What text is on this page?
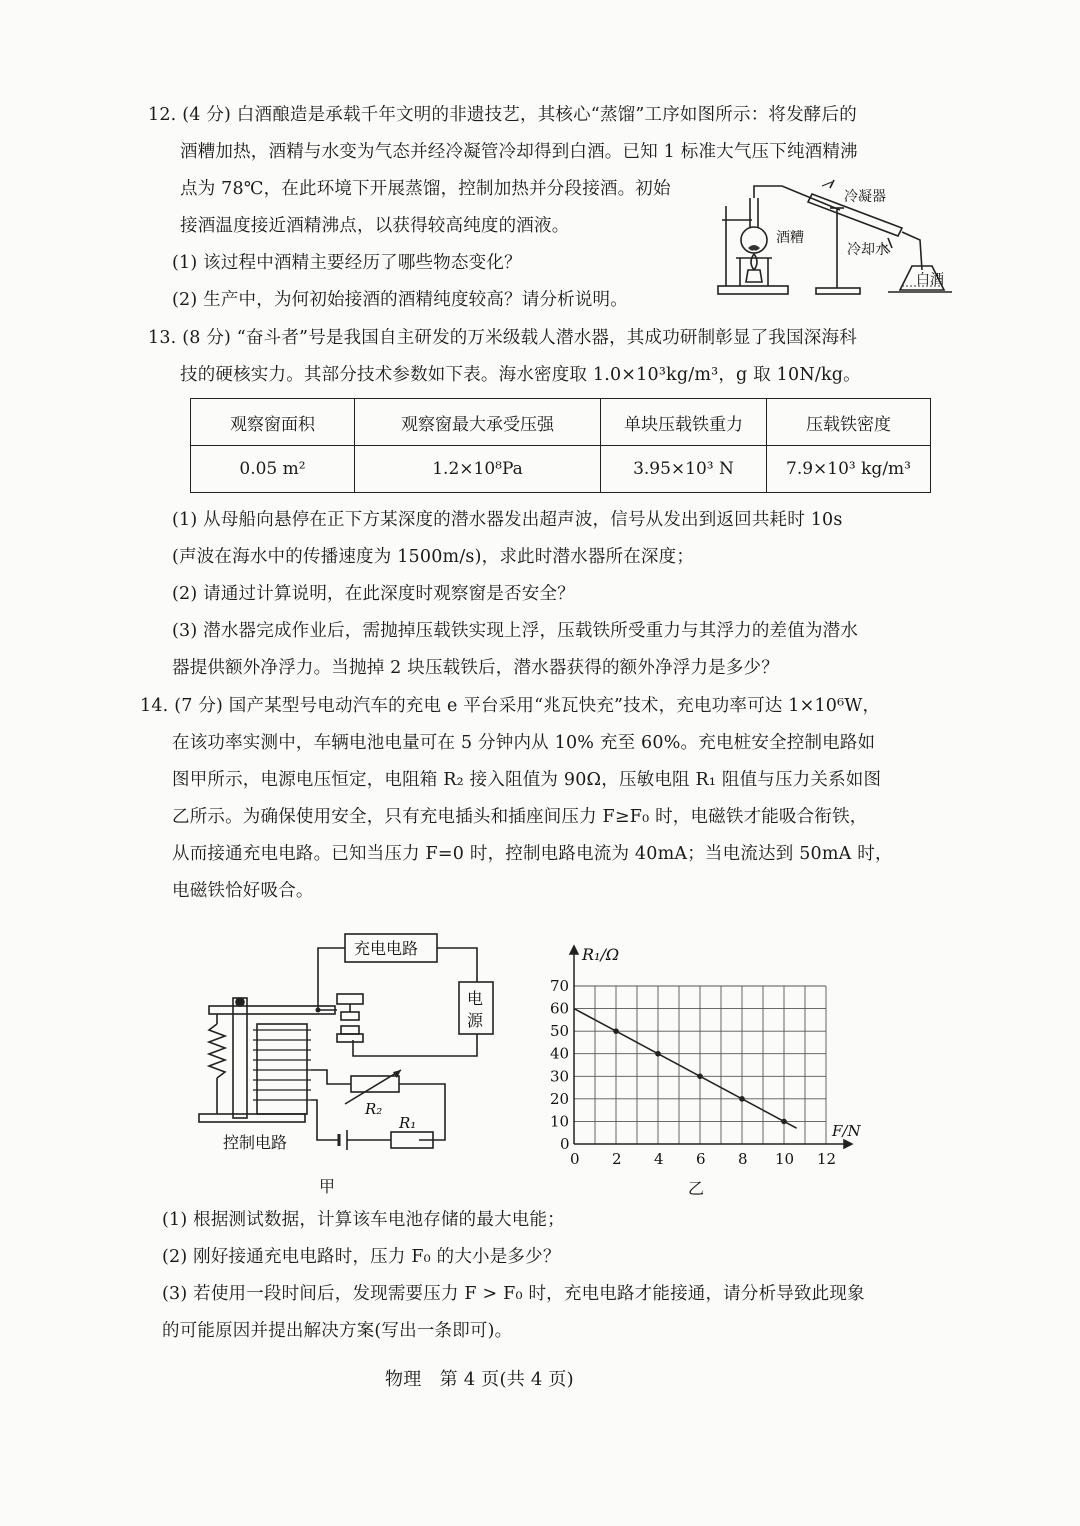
12. (4 分) 白酒酿造是承载千年文明的非遗技艺，其核心“蒸馏”工序如图所示：将发酵后的
酒糟加热，酒精与水变为气态并经冷凝管冷却得到白酒。已知 1 标准大气压下纯酒精沸
点为 78℃，在此环境下开展蒸馏，控制加热并分段接酒。初始
接酒温度接近酒精沸点，以获得较高纯度的酒液。
(1) 该过程中酒精主要经历了哪些物态变化？
(2) 生产中，为何初始接酒的酒精纯度较高？请分析说明。
冷凝器
酒糟
冷却水
白酒
13. (8 分) “奋斗者”号是我国自主研发的万米级载人潜水器，其成功研制彰显了我国深海科
技的硬核实力。其部分技术参数如下表。海水密度取 1.0×10³kg/m³，g 取 10N/kg。
观察窗面积	观察窗最大承受压强	单块压载铁重力	压载铁密度
0.05 m²	1.2×10⁸Pa	3.95×10³ N	7.9×10³ kg/m³
(1) 从母船向悬停在正下方某深度的潜水器发出超声波，信号从发出到返回共耗时 10s
(声波在海水中的传播速度为 1500m/s)，求此时潜水器所在深度；
(2) 请通过计算说明，在此深度时观察窗是否安全？
(3) 潜水器完成作业后，需抛掉压载铁实现上浮，压载铁所受重力与其浮力的差值为潜水
器提供额外净浮力。当抛掉 2 块压载铁后，潜水器获得的额外净浮力是多少？
14. (7 分) 国产某型号电动汽车的充电 e 平台采用“兆瓦快充”技术，充电功率可达 1×10⁶W，
在该功率实测中，车辆电池电量可在 5 分钟内从 10% 充至 60%。充电桩安全控制电路如
图甲所示，电源电压恒定，电阻箱 R₂ 接入阻值为 90Ω，压敏电阻 R₁ 阻值与压力关系如图
乙所示。为确保使用安全，只有充电插头和插座间压力 F≥F₀ 时，电磁铁才能吸合衔铁，
从而接通充电电路。已知当压力 F=0 时，控制电路电流为 40mA；当电流达到 50mA 时，
电磁铁恰好吸合。
充电电路
电
源
R₂
R₁
控制电路
甲
0 2 4 6 8 10 12
0
10
20
30
40
50
60
70
R₁/Ω
F/N
乙
(1) 根据测试数据，计算该车电池存储的最大电能；
(2) 刚好接通充电电路时，压力 F₀ 的大小是多少？
(3) 若使用一段时间后，发现需要压力 F > F₀ 时，充电电路才能接通，请分析导致此现象
的可能原因并提出解决方案(写出一条即可)。
物理　第 4 页(共 4 页)
